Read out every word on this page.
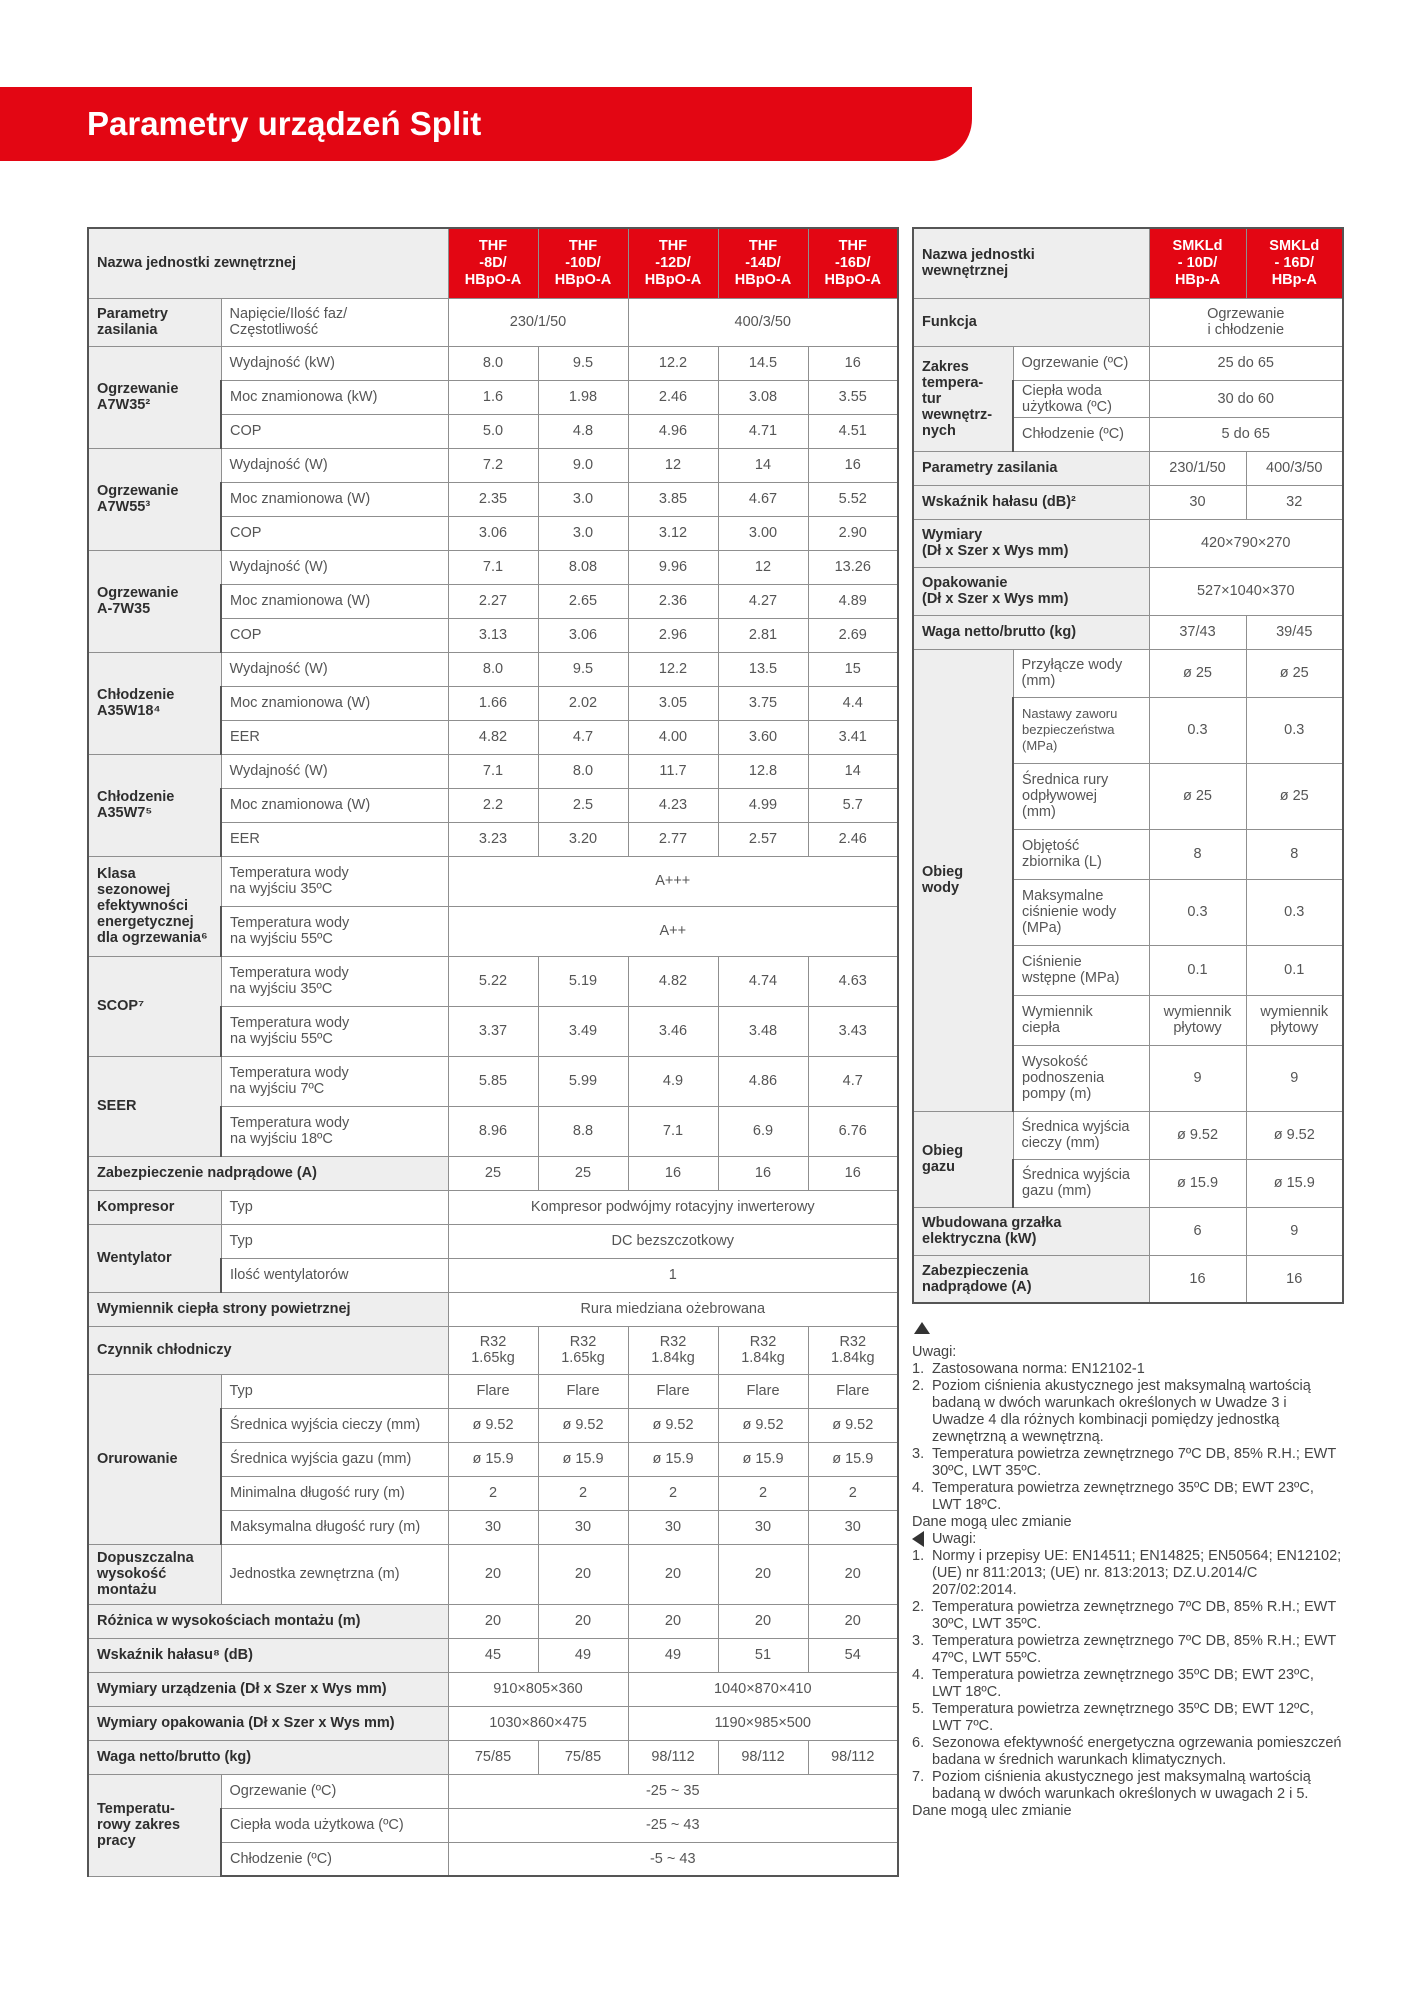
Parametry urządzeń Split
Nazwa jednostki zewnętrznej		THF
-8D/
HBpO-A	THF
-10D/
HBpO-A	THF
-12D/
HBpO-A	THF
-14D/
HBpO-A	THF
-16D/
HBpO-A
Parametry
zasilania	Napięcie/Ilość faz/
Częstotliwość	230/1/50		400/3/50		
Ogrzewanie
A7W35²	Wydajność (kW)	8.0	9.5	12.2	14.5	16
	Moc znamionowa (kW)	1.6	1.98	2.46	3.08	3.55
	COP	5.0	4.8	4.96	4.71	4.51
Ogrzewanie
A7W55³	Wydajność (W)	7.2	9.0	12	14	16
	Moc znamionowa (W)	2.35	3.0	3.85	4.67	5.52
	COP	3.06	3.0	3.12	3.00	2.90
Ogrzewanie
A-7W35	Wydajność (W)	7.1	8.08	9.96	12	13.26
	Moc znamionowa (W)	2.27	2.65	2.36	4.27	4.89
	COP	3.13	3.06	2.96	2.81	2.69
Chłodzenie
A35W18⁴	Wydajność (W)	8.0	9.5	12.2	13.5	15
	Moc znamionowa (W)	1.66	2.02	3.05	3.75	4.4
	EER	4.82	4.7	4.00	3.60	3.41
Chłodzenie
A35W7⁵	Wydajność (W)	7.1	8.0	11.7	12.8	14
	Moc znamionowa (W)	2.2	2.5	4.23	4.99	5.7
	EER	3.23	3.20	2.77	2.57	2.46
Klasa
sezonowej
efektywności
energetycznej
dla ogrzewania⁶	Temperatura wody
na wyjściu 35ºC	A+++				
	Temperatura wody
na wyjściu 55ºC	A++				
SCOP⁷	Temperatura wody
na wyjściu 35ºC	5.22	5.19	4.82	4.74	4.63
	Temperatura wody
na wyjściu 55ºC	3.37	3.49	3.46	3.48	3.43
SEER	Temperatura wody
na wyjściu 7ºC	5.85	5.99	4.9	4.86	4.7
	Temperatura wody
na wyjściu 18ºC	8.96	8.8	7.1	6.9	6.76
Zabezpieczenie nadprądowe (A)		25	25	16	16	16
Kompresor	Typ	Kompresor podwójmy rotacyjny inwerterowy				
Wentylator	Typ	DC bezszczotkowy				
	Ilość wentylatorów	1				
Wymiennik ciepła strony powietrznej		Rura miedziana ożebrowana				
Czynnik chłodniczy		R32
1.65kg	R32
1.65kg	R32
1.84kg	R32
1.84kg	R32
1.84kg
Orurowanie	Typ	Flare	Flare	Flare	Flare	Flare
	Średnica wyjścia cieczy (mm)	ø 9.52	ø 9.52	ø 9.52	ø 9.52	ø 9.52
	Średnica wyjścia gazu (mm)	ø 15.9	ø 15.9	ø 15.9	ø 15.9	ø 15.9
	Minimalna długość rury (m)	2	2	2	2	2
	Maksymalna długość rury (m)	30	30	30	30	30
Dopuszczalna
wysokość
montażu	Jednostka zewnętrzna (m)	20	20	20	20	20
Różnica w wysokościach montażu (m)		20	20	20	20	20
Wskaźnik hałasu⁸ (dB)		45	49	49	51	54
Wymiary urządzenia (Dł x Szer x Wys mm)		910×805×360		1040×870×410		
Wymiary opakowania (Dł x Szer x Wys mm)		1030×860×475		1190×985×500		
Waga netto/brutto (kg)		75/85	75/85	98/112	98/112	98/112
Temperatu-
rowy zakres
pracy	Ogrzewanie (ºC)	-25 ~ 35				
	Ciepła woda użytkowa (ºC)	-25 ~ 43				
	Chłodzenie (ºC)	-5 ~ 43				
Nazwa jednostki
wewnętrznej		SMKLd
- 10D/
HBp-A	SMKLd
- 16D/
HBp-A
Funkcja		Ogrzewanie
i chłodzenie	
Zakres
tempera-
tur
wewnętrz-
nych	Ogrzewanie (ºC)	25 do 65	
	Ciepła woda
użytkowa (ºC)	30 do 60	
	Chłodzenie (ºC)	5 do 65	
Parametry zasilania		230/1/50	400/3/50
Wskaźnik hałasu (dB)²		30	32
Wymiary
(Dł x Szer x Wys mm)		420×790×270	
Opakowanie
(Dł x Szer x Wys mm)		527×1040×370	
Waga netto/brutto (kg)		37/43	39/45
Obieg
wody	Przyłącze wody
(mm)	ø 25	ø 25
	Nastawy zaworu
bezpieczeństwa
(MPa)	0.3	0.3
	Średnica rury
odpływowej
(mm)	ø 25	ø 25
	Objętość
zbiornika (L)	8	8
	Maksymalne
ciśnienie wody
(MPa)	0.3	0.3
	Ciśnienie
wstępne (MPa)	0.1	0.1
	Wymiennik
ciepła	wymiennik
płytowy	wymiennik
płytowy
	Wysokość
podnoszenia
pompy (m)	9	9
Obieg
gazu	Średnica wyjścia
cieczy (mm)	ø 9.52	ø 9.52
	Średnica wyjścia
gazu (mm)	ø 15.9	ø 15.9
Wbudowana grzałka
elektryczna (kW)		6	9
Zabezpieczenia
nadprądowe (A)		16	16
Uwagi:
1. Zastosowana norma: EN12102-1
2. Poziom ciśnienia akustycznego jest maksymalną wartością badaną w dwóch warunkach określonych w Uwadze 3 i Uwadze 4 dla różnych kombinacji pomiędzy jednostką zewnętrzną a wewnętrzną.
3. Temperatura powietrza zewnętrznego 7ºC DB, 85% R.H.; EWT 30ºC, LWT 35ºC.
4. Temperatura powietrza zewnętrznego 35ºC DB; EWT 23ºC, LWT 18ºC.
Dane mogą ulec zmianie
Uwagi:
1. Normy i przepisy UE: EN14511; EN14825; EN50564; EN12102; (UE) nr 811:2013; (UE) nr. 813:2013; DZ.U.2014/C 207/02:2014.
2. Temperatura powietrza zewnętrznego 7ºC DB, 85% R.H.; EWT 30ºC, LWT 35ºC.
3. Temperatura powietrza zewnętrznego 7ºC DB, 85% R.H.; EWT 47ºC, LWT 55ºC.
4. Temperatura powietrza zewnętrznego 35ºC DB; EWT 23ºC, LWT 18ºC.
5. Temperatura powietrza zewnętrznego 35ºC DB; EWT 12ºC, LWT 7ºC.
6. Sezonowa efektywność energetyczna ogrzewania pomieszczeń badana w średnich warunkach klimatycznych.
7. Poziom ciśnienia akustycznego jest maksymalną wartością badaną w dwóch warunkach określonych w uwagach 2 i 5.
Dane mogą ulec zmianie
